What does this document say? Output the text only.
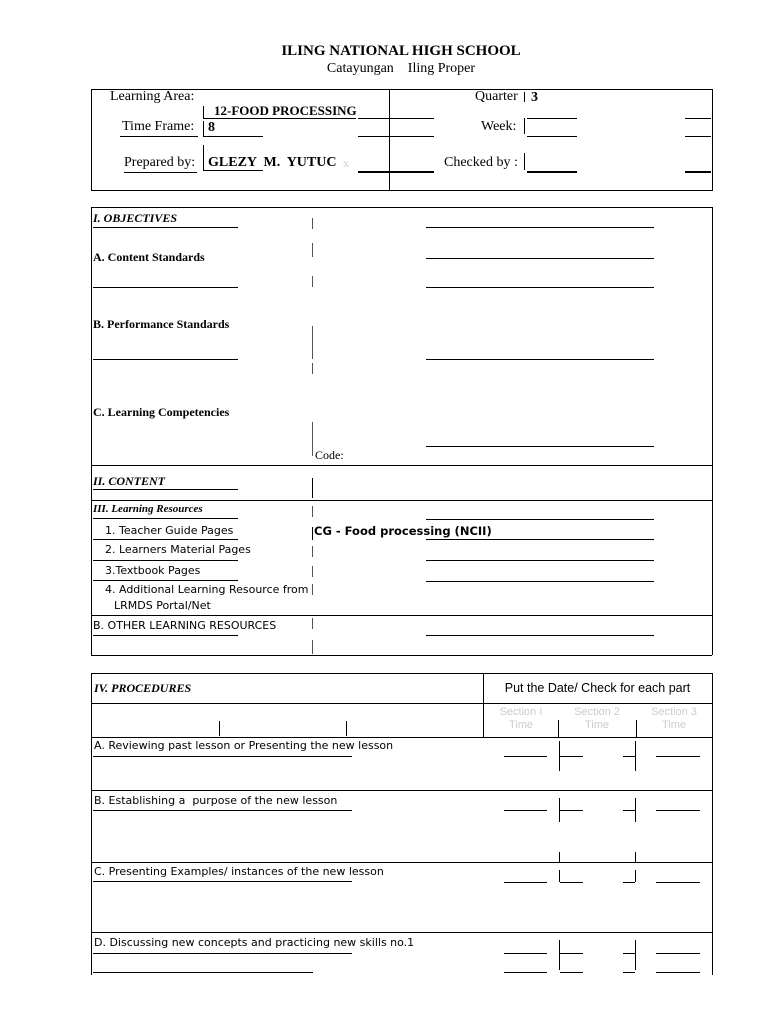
ILING NATIONAL HIGH SCHOOL
Catayungan    Iling Proper
Learning Area:
12-FOOD PROCESSING
Time Frame: 8
Prepared by: GLEZY  M.  YUTUC x
Quarter 3
Week:
Checked by :
I. OBJECTIVES
A. Content Standards
B. Performance Standards
C. Learning Competencies
Code:
II. CONTENT
III. Learning Resources
1. Teacher Guide Pages	CG - Food processing (NCII)
2. Learners Material Pages
3.Textbook Pages
4. Additional Learning Resource from
LRMDS Portal/Net
B. OTHER LEARNING RESOURCES
IV. PROCEDURES	Put the Date/ Check for each part
Section I
Time
Section 2
Time
Section 3
Time
A. Reviewing past lesson or Presenting the new lesson
B. Establishing a  purpose of the new lesson
C. Presenting Examples/ instances of the new lesson
D. Discussing new concepts and practicing new skills no.1
